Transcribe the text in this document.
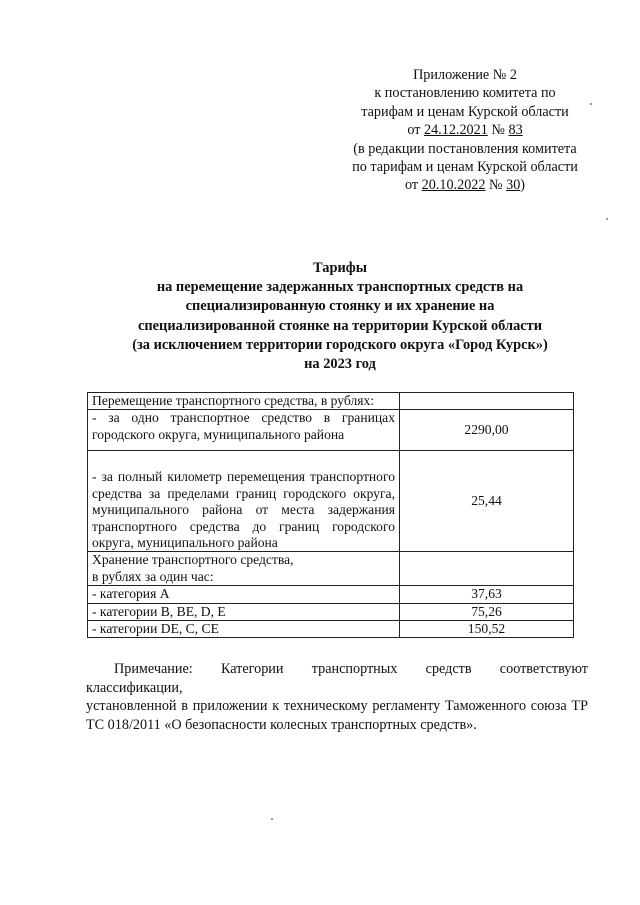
Приложение № 2
к постановлению комитета по
тарифам и ценам Курской области
от 24.12.2021 № 83
(в редакции постановления комитета
по тарифам и ценам Курской области
от 20.10.2022 № 30)
Тарифы
на перемещение задержанных транспортных средств на
специализированную стоянку и их хранение на
специализированной стоянке на территории Курской области
(за исключением территории городского округа «Город Курск»)
на 2023 год
Перемещение транспортного средства, в рублях:	
- за одно транспортное средство в границах городского округа, муниципального района	2290,00
- за полный километр перемещения транспортного средства за пределами границ городского округа, муниципального района от места задержания транспортного средства до границ городского округа, муниципального района	25,44

Хранение транспортного средства,
в рублях за один час:	

- категория А	37,63
- категории B, BE, D, E	75,26
- категории DE, C, CE	150,52
Примечание: Категории транспортных средств соответствуют классификации,
установленной в приложении к техническому регламенту Таможенного союза ТР ТС 018/2011 «О безопасности колесных транспортных средств».
